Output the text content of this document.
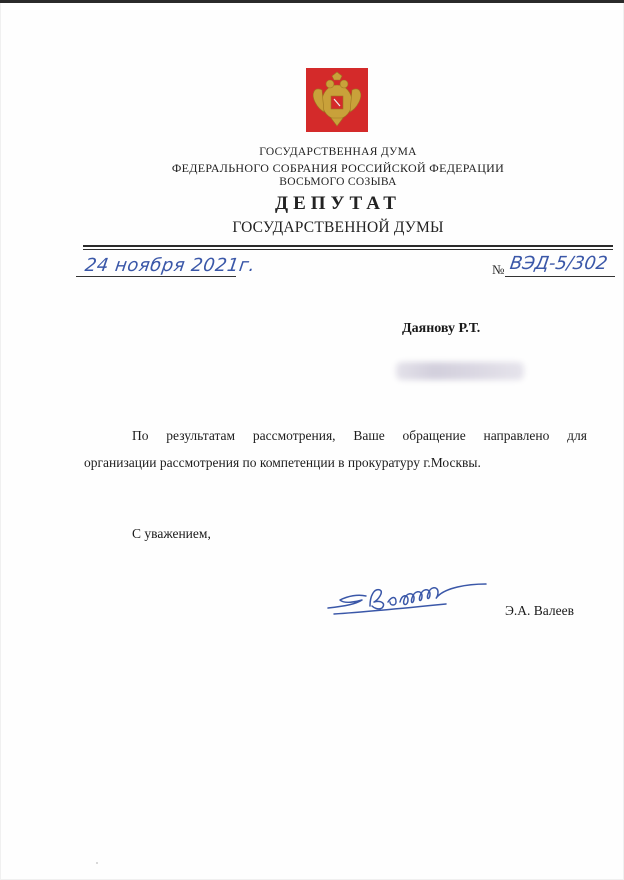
ГОСУДАРСТВЕННАЯ ДУМА
ФЕДЕРАЛЬНОГО СОБРАНИЯ РОССИЙСКОЙ ФЕДЕРАЦИИ
ВОСЬМОГО СОЗЫВА
ДЕПУТАТ
ГОСУДАРСТВЕННОЙ ДУМЫ
24 ноября 2021г.	№ ВЭД-5/302
Даянову Р.Т.
По результатам рассмотрения, Ваше обращение направлено для
организации рассмотрения по компетенции в прокуратуру г.Москвы.
С уважением,
Э.А. Валеев
